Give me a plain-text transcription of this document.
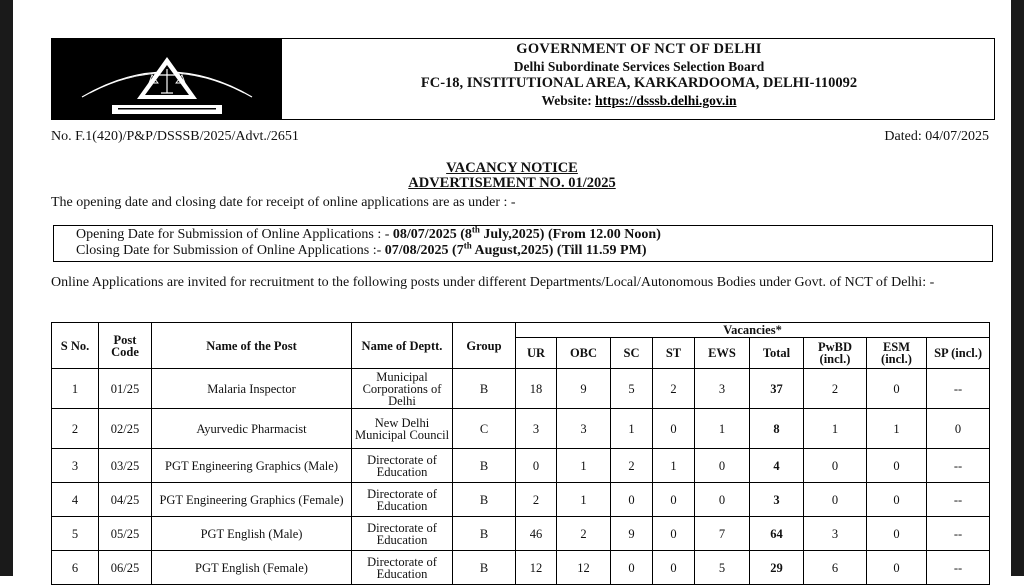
GOVERNMENT OF NCT OF DELHI
Delhi Subordinate Services Selection Board
FC-18, INSTITUTIONAL AREA, KARKARDOOMA, DELHI-110092
Website: https://dsssb.delhi.gov.in
No. F.1(420)/P&P/DSSSB/2025/Advt./2651	Dated: 04/07/2025
VACANCY NOTICE
ADVERTISEMENT NO. 01/2025
The opening date and closing date for receipt of online applications are as under : -
Opening Date for Submission of Online Applications : - 08/07/2025 (8th July,2025) (From 12.00 Noon)
Closing Date for Submission of Online Applications :- 07/08/2025 (7th August,2025) (Till 11.59 PM)
Online Applications are invited for recruitment to the following posts under different Departments/Local/Autonomous Bodies under Govt. of NCT of Delhi: -
S No.	Post Code	Name of the Post	Name of Deptt.	Group	Vacancies*								
					UR	OBC	SC	ST	EWS	Total	PwBD (incl.)	ESM (incl.)	SP (incl.)
1	01/25	Malaria Inspector	Municipal Corporations of Delhi	B	18	9	5	2	3	37	2	0	--
2	02/25	Ayurvedic Pharmacist	New Delhi Municipal Council	C	3	3	1	0	1	8	1	1	0
3	03/25	PGT Engineering Graphics (Male)	Directorate of Education	B	0	1	2	1	0	4	0	0	--
4	04/25	PGT Engineering Graphics (Female)	Directorate of Education	B	2	1	0	0	0	3	0	0	--
5	05/25	PGT English (Male)	Directorate of Education	B	46	2	9	0	7	64	3	0	--
6	06/25	PGT English (Female)	Directorate of Education	B	12	12	0	0	5	29	6	0	--
